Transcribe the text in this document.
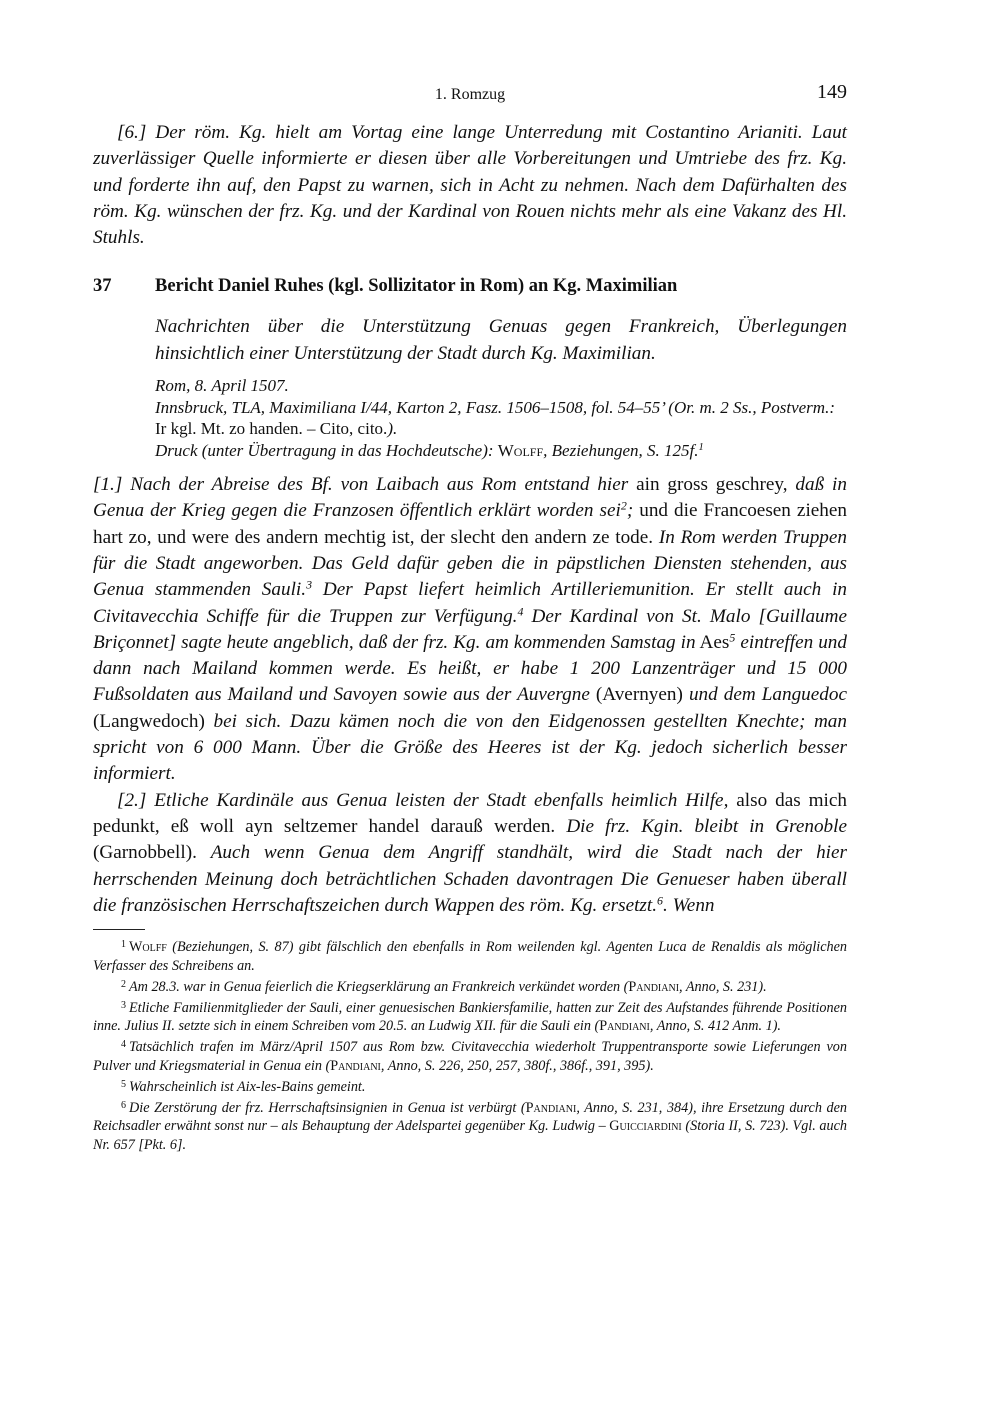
1. Romzug	149

[6.] Der röm. Kg. hielt am Vortag eine lange Unterredung mit Costantino Arianiti. Laut zuverlässiger Quelle informierte er diesen über alle Vorbereitungen und Umtriebe des frz. Kg. und forderte ihn auf, den Papst zu warnen, sich in Acht zu nehmen. Nach dem Dafürhalten des röm. Kg. wünschen der frz. Kg. und der Kardinal von Rouen nichts mehr als eine Vakanz des Hl. Stuhls.

37 Bericht Daniel Ruhes (kgl. Sollizitator in Rom) an Kg. Maximilian

Nachrichten über die Unterstützung Genuas gegen Frankreich, Überlegungen hinsichtlich einer Unterstützung der Stadt durch Kg. Maximilian.

Rom, 8. April 1507.
Innsbruck, TLA, Maximiliana I/44, Karton 2, Fasz. 1506–1508, fol. 54–55’ (Or. m. 2 Ss., Postverm.: Ir kgl. Mt. zo handen. – Cito, cito.).
Druck (unter Übertragung in das Hochdeutsche): Wolff, Beziehungen, S. 125f.$^1$

[1.] Nach der Abreise des Bf. von Laibach aus Rom entstand hier ain gross geschrey, daß in Genua der Krieg gegen die Franzosen öffentlich erklärt worden sei$^2$; und die Francoesen ziehen hart zo, und were des andern mechtig ist, der slecht den andern ze tode. In Rom werden Truppen für die Stadt angeworben. Das Geld dafür geben die in päpstlichen Diensten stehenden, aus Genua stammenden Sauli.$^3$ Der Papst liefert heimlich Artilleriemunition. Er stellt auch in Civitavecchia Schiffe für die Truppen zur Verfügung.$^4$ Der Kardinal von St. Malo [Guillaume Briçonnet] sagte heute angeblich, daß der frz. Kg. am kommenden Samstag in Aes$^5$ eintreffen und dann nach Mailand kommen werde. Es heißt, er habe 1 200 Lanzenträger und 15 000 Fußsoldaten aus Mailand und Savoyen sowie aus der Auvergne (Avernyen) und dem Languedoc (Langwedoch) bei sich. Dazu kämen noch die von den Eidgenossen gestellten Knechte; man spricht von 6 000 Mann. Über die Größe des Heeres ist der Kg. jedoch sicherlich besser informiert.

[2.] Etliche Kardinäle aus Genua leisten der Stadt ebenfalls heimlich Hilfe, also das mich pedunkt, eß woll ayn seltzemer handel darauß werden. Die frz. Kgin. bleibt in Grenoble (Garnobbell). Auch wenn Genua dem Angriff standhält, wird die Stadt nach der hier herrschenden Meinung doch beträchtlichen Schaden davontragen Die Genueser haben überall die französischen Herrschaftszeichen durch Wappen des röm. Kg. ersetzt.$^6$. Wenn

$^1$ Wolff (Beziehungen, S. 87) gibt fälschlich den ebenfalls in Rom weilenden kgl. Agenten Luca de Renaldis als möglichen Verfasser des Schreibens an.

$^2$ Am 28.3. war in Genua feierlich die Kriegserklärung an Frankreich verkündet worden (Pandiani, Anno, S. 231).

$^3$ Etliche Familienmitglieder der Sauli, einer genuesischen Bankiersfamilie, hatten zur Zeit des Aufstandes führende Positionen inne. Julius II. setzte sich in einem Schreiben vom 20.5. an Ludwig XII. für die Sauli ein (Pandiani, Anno, S. 412 Anm. 1).

$^4$ Tatsächlich trafen im März/April 1507 aus Rom bzw. Civitavecchia wiederholt Truppentransporte sowie Lieferungen von Pulver und Kriegsmaterial in Genua ein (Pandiani, Anno, S. 226, 250, 257, 380f., 386f., 391, 395).

$^5$ Wahrscheinlich ist Aix-les-Bains gemeint.

$^6$ Die Zerstörung der frz. Herrschaftsinsignien in Genua ist verbürgt (Pandiani, Anno, S. 231, 384), ihre Ersetzung durch den Reichsadler erwähnt sonst nur – als Behauptung der Adelspartei gegenüber Kg. Ludwig – Guicciardini (Storia II, S. 723). Vgl. auch Nr. 657 [Pkt. 6].
